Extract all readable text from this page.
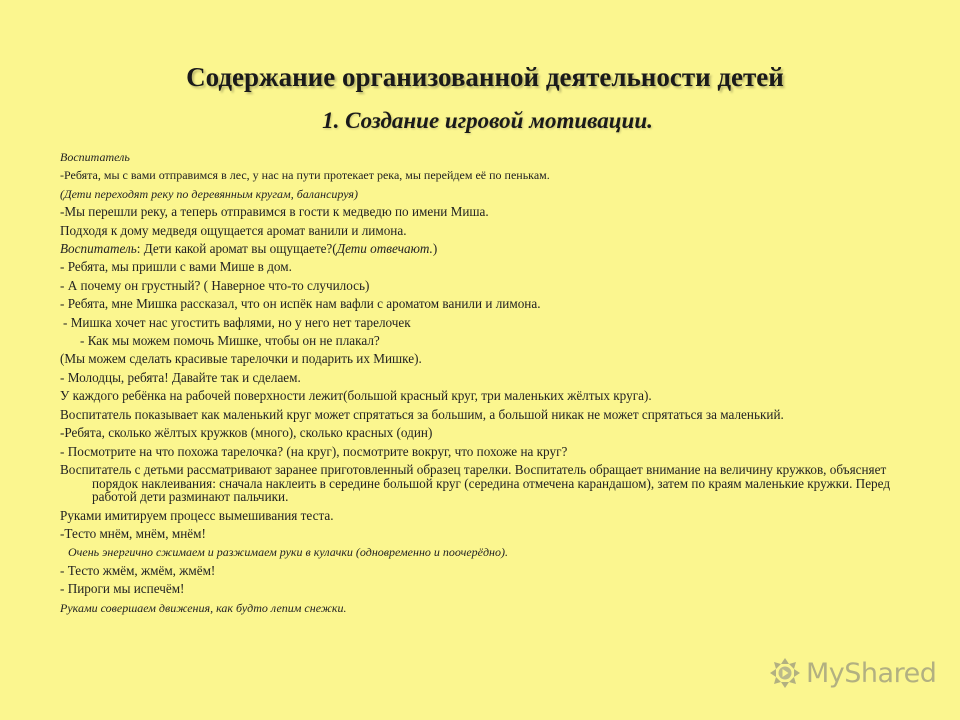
Содержание организованной деятельности детей
1. Создание игровой мотивации.
Воспитатель
-Ребята, мы с вами отправимся в лес, у нас на пути протекает река, мы перейдем её по пенькам.
(Дети переходят реку по деревянным кругам, балансируя)
-Мы перешли реку, а теперь отправимся в гости к медведю по имени Миша.
Подходя к дому медведя ощущается аромат ванили и лимона.
Воспитатель: Дети какой аромат вы ощущаете?(Дети отвечают.)
- Ребята, мы пришли с вами Мише в дом.
- А почему он грустный? ( Наверное что-то случилось)
- Ребята, мне Мишка рассказал, что он испёк нам вафли с ароматом ванили и лимона.
- Мишка хочет нас угостить вафлями, но у него нет тарелочек
- Как мы можем помочь Мишке, чтобы он не плакал?
(Мы можем сделать красивые тарелочки и подарить их Мишке).
- Молодцы, ребята! Давайте так и сделаем.
У каждого ребёнка на рабочей поверхности лежит(большой красный круг, три маленьких жёлтых круга).
Воспитатель показывает как маленький круг может спрятаться за большим, а большой никак не может спрятаться за маленький.
-Ребята, сколько жёлтых кружков (много), сколько красных (один)
- Посмотрите на что похожа тарелочка? (на круг), посмотрите вокруг, что похоже на круг?
Воспитатель с детьми рассматривают заранее приготовленный образец тарелки. Воспитатель обращает внимание на величину кружков, объясняет порядок наклеивания: сначала наклеить в середине большой круг (середина отмечена карандашом), затем по краям маленькие кружки. Перед работой дети разминают пальчики.
Руками имитируем процесс вымешивания теста.
-Тесто мнём, мнём, мнём!
Очень энергично сжимаем и разжимаем руки в кулачки (одновременно и поочерёдно).
- Тесто жмём, жмём, жмём!
- Пироги мы испечём!
Руками совершаем движения, как будто лепим снежки.
MyShared
